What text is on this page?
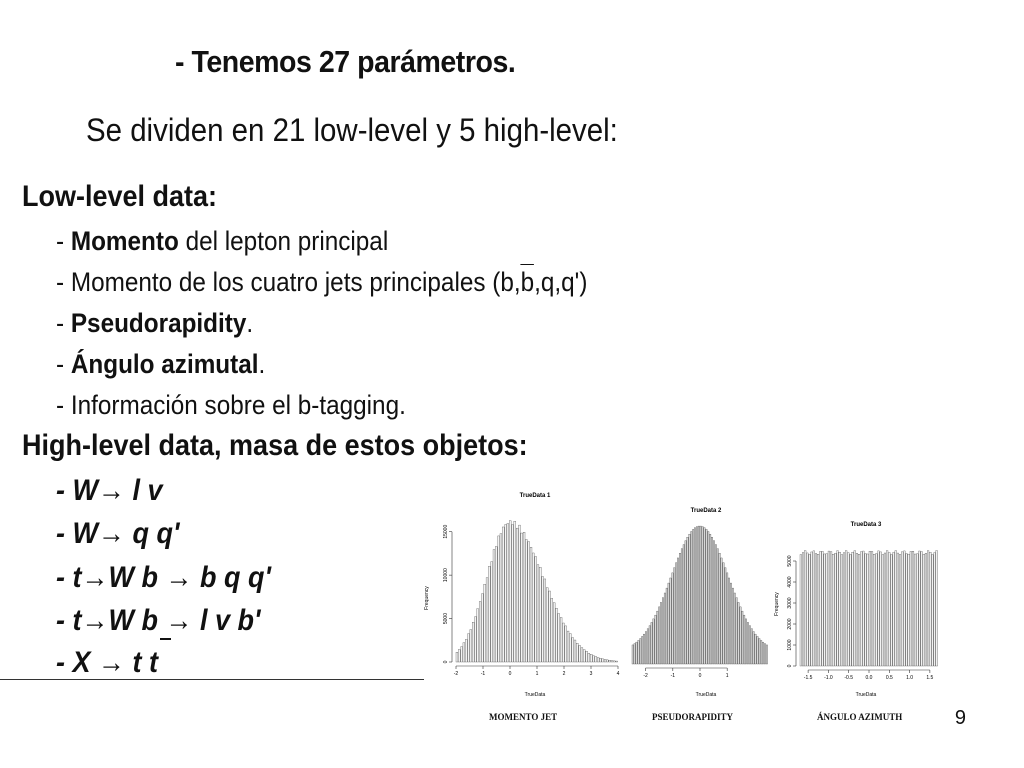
- Tenemos 27 parámetros.
Se dividen en 21 low-level y 5 high-level:
Low-level data:
- Momento del lepton principal
- Momento de los cuatro jets principales (b,b,q,q')
- Pseudorapidity.
- Ángulo azimutal.
- Información sobre el b-tagging.
High-level data, masa de estos objetos:
- W→ l v
- W→ q q'
- t→W b → b q q'
- t→W b → l v b'
- X → t t
TrueData 1
TrueData
Frequency
-2	-1	0	1	2	3	4
0
5000
10000
15000
MOMENTO JET
TrueData 2
TrueData
-2	-1	0	1
PSEUDORAPIDITY
TrueData 3
TrueData
Frequency
-1.5 -1.0 -0.5	0.0	0.5	1.0	1.5
0
1000
2000
3000
4000
5000
ÁNGULO AZIMUTH	9
